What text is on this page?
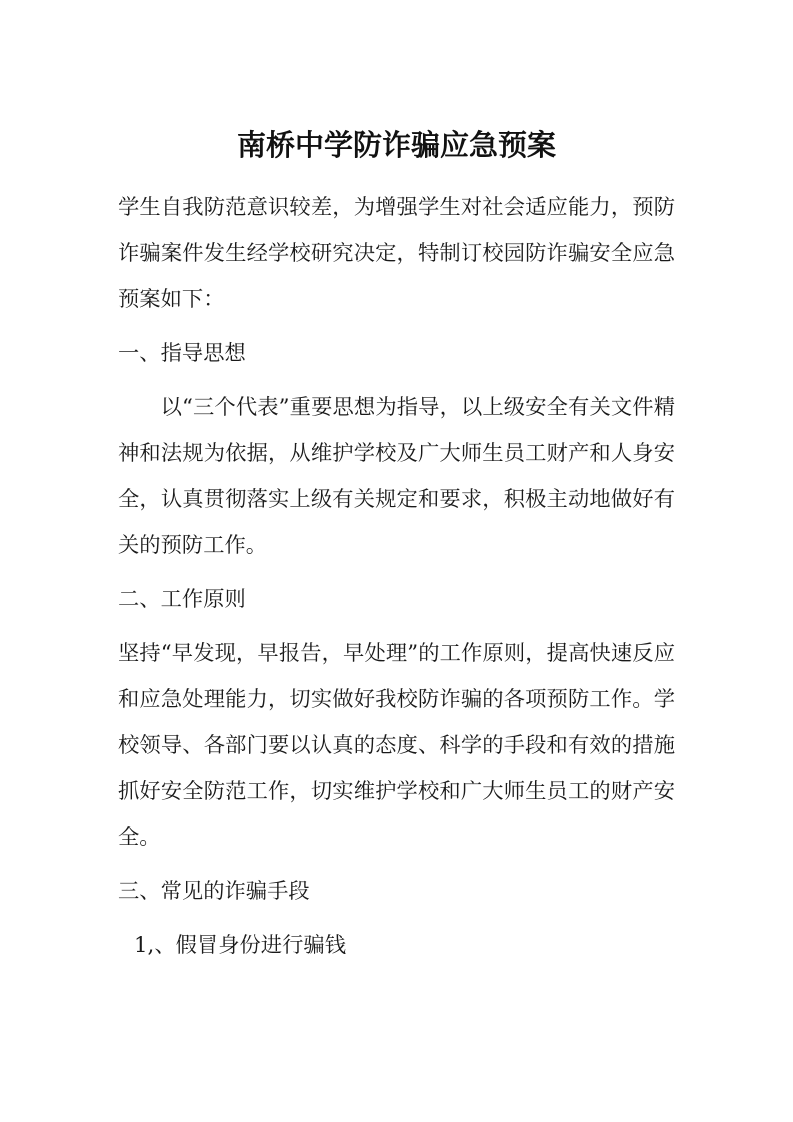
南桥中学防诈骗应急预案

学生自我防范意识较差，为增强学生对社会适应能力，预防诈骗案件发生经学校研究决定，特制订校园防诈骗安全应急预案如下：

一、指导思想

以“三个代表”重要思想为指导，以上级安全有关文件精神和法规为依据，从维护学校及广大师生员工财产和人身安全，认真贯彻落实上级有关规定和要求，积极主动地做好有关的预防工作。

二、工作原则

坚持“早发现，早报告，早处理”的工作原则，提高快速反应和应急处理能力，切实做好我校防诈骗的各项预防工作。学校领导、各部门要以认真的态度、科学的手段和有效的措施抓好安全防范工作，切实维护学校和广大师生员工的财产安全。

三、常见的诈骗手段

1,、假冒身份进行骗钱
